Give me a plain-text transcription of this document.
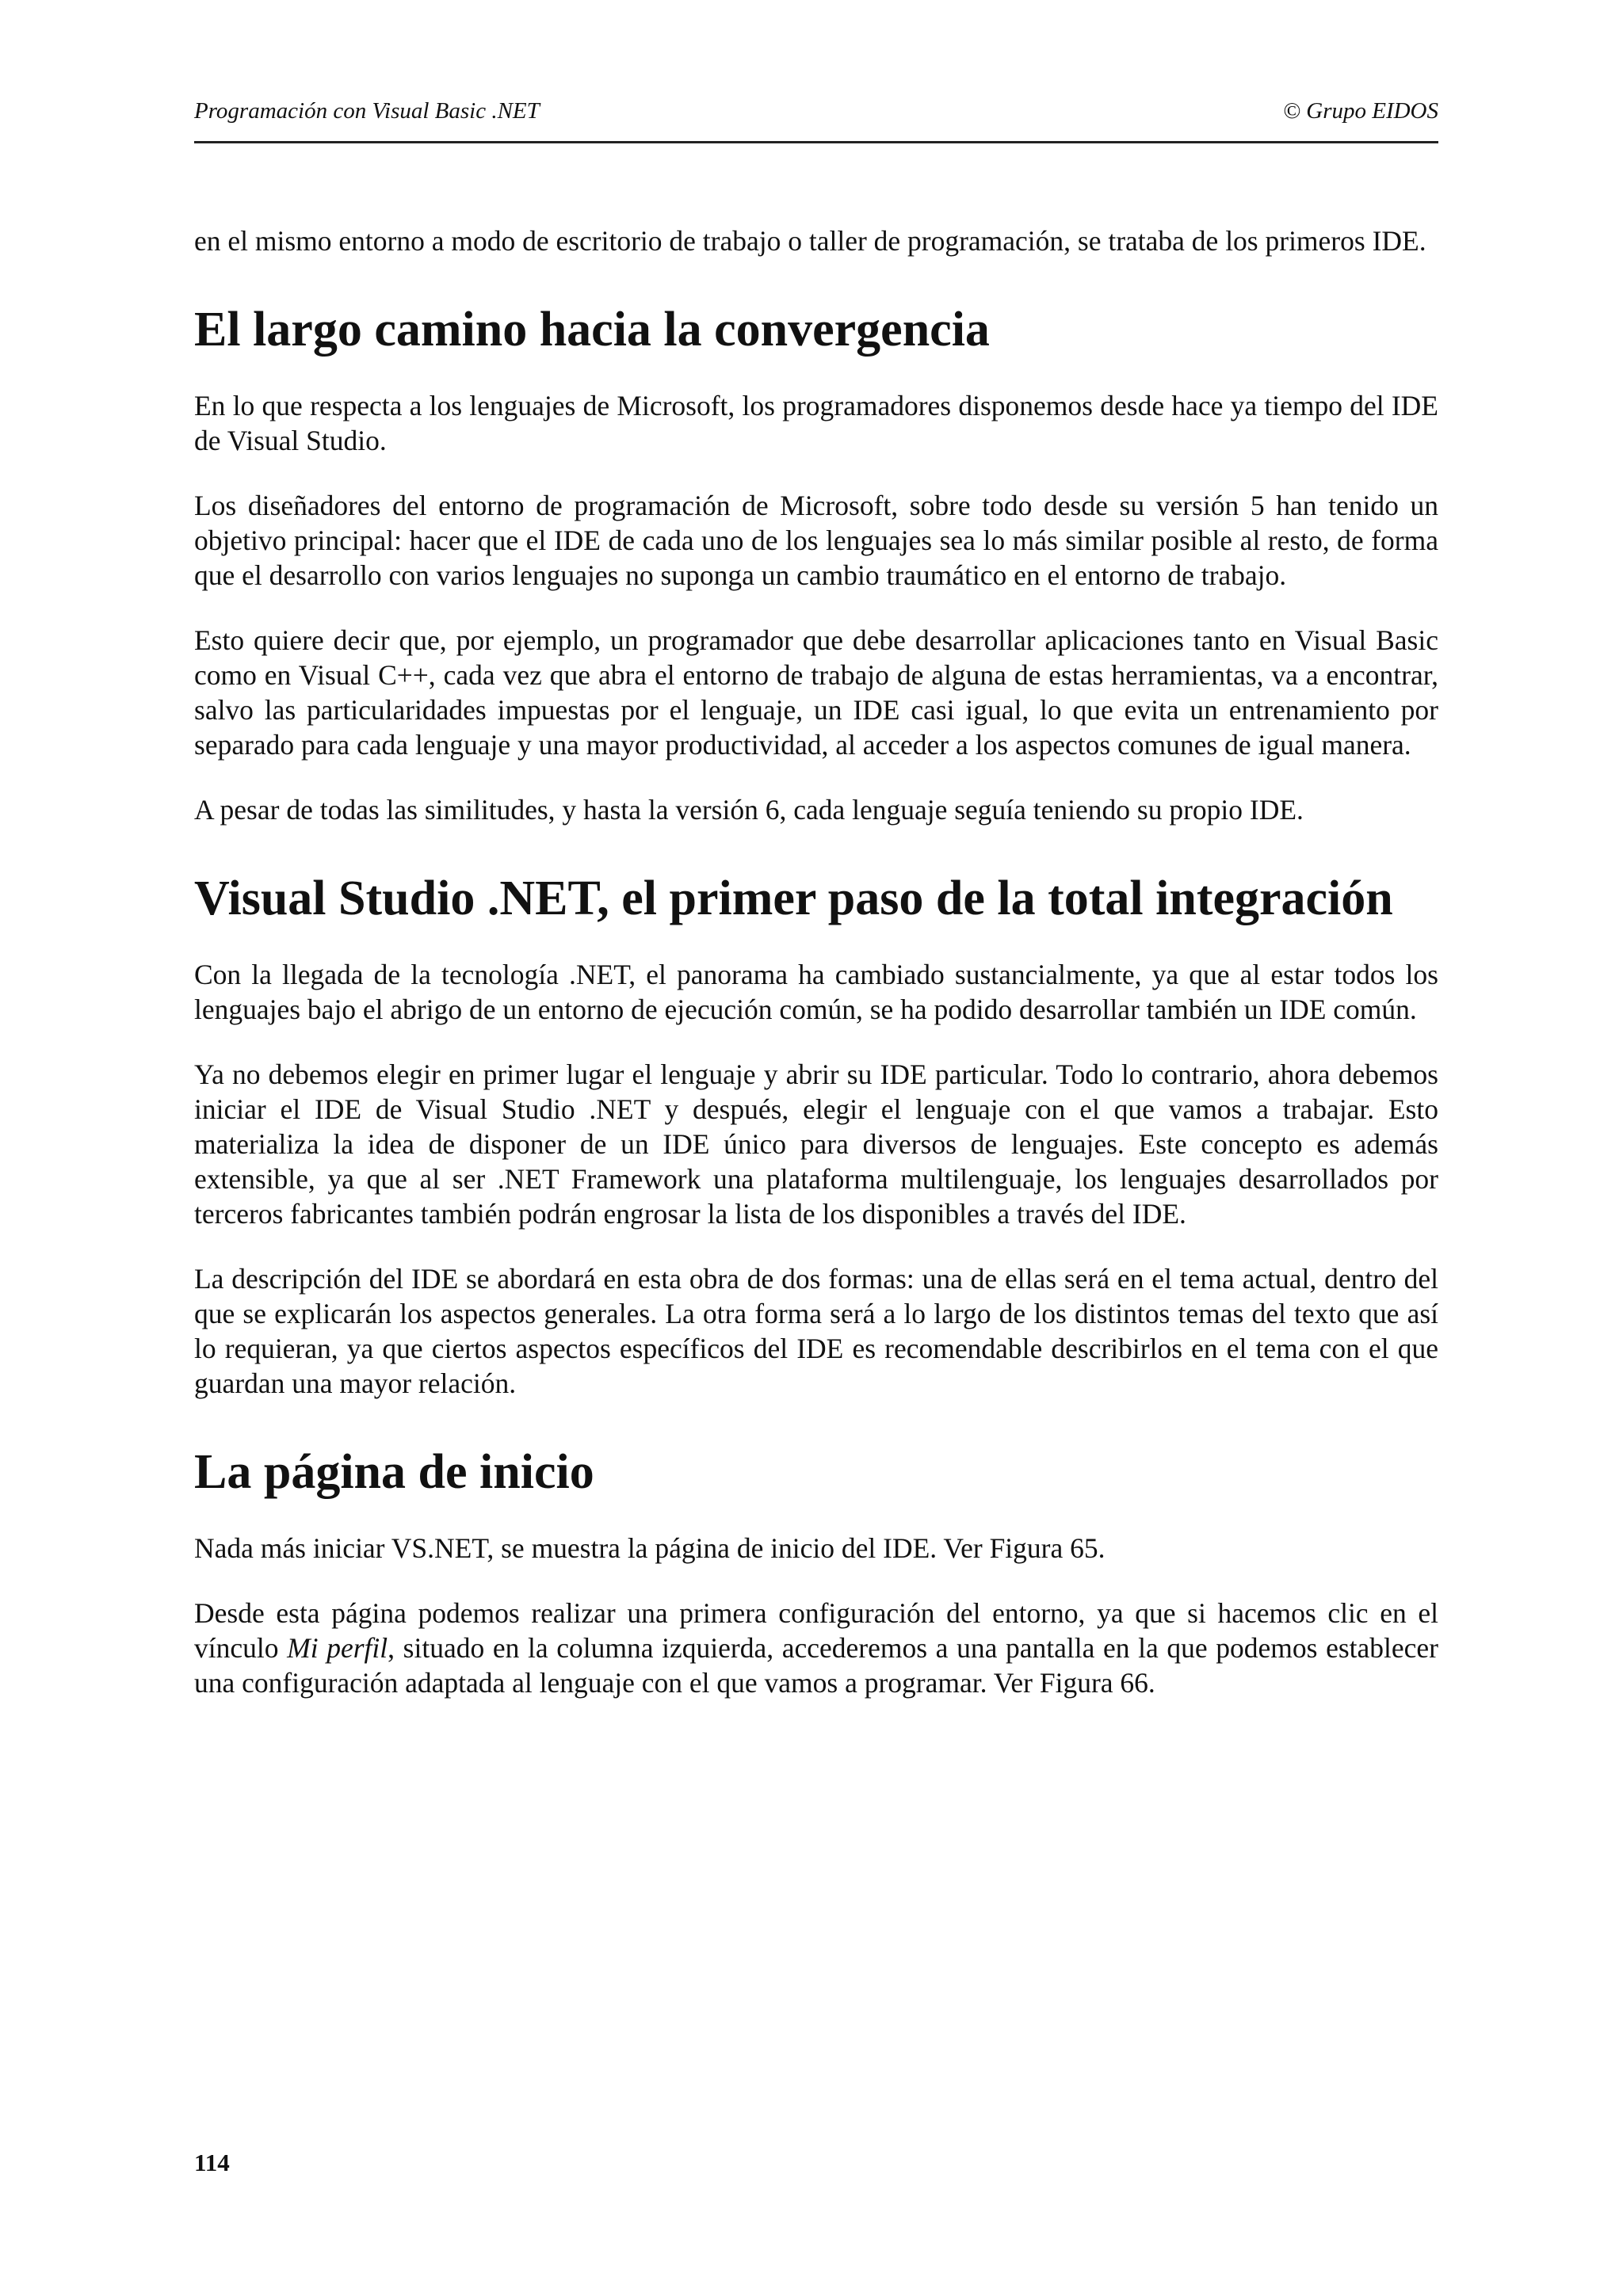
Programación con Visual Basic .NET	© Grupo EIDOS

en el mismo entorno a modo de escritorio de trabajo o taller de programación, se trataba de los primeros IDE.

El largo camino hacia la convergencia

En lo que respecta a los lenguajes de Microsoft, los programadores disponemos desde hace ya tiempo del IDE de Visual Studio.

Los diseñadores del entorno de programación de Microsoft, sobre todo desde su versión 5 han tenido un objetivo principal: hacer que el IDE de cada uno de los lenguajes sea lo más similar posible al resto, de forma que el desarrollo con varios lenguajes no suponga un cambio traumático en el entorno de trabajo.

Esto quiere decir que, por ejemplo, un programador que debe desarrollar aplicaciones tanto en Visual Basic como en Visual C++, cada vez que abra el entorno de trabajo de alguna de estas herramientas, va a encontrar, salvo las particularidades impuestas por el lenguaje, un IDE casi igual, lo que evita un entrenamiento por separado para cada lenguaje y una mayor productividad, al acceder a los aspectos comunes de igual manera.

A pesar de todas las similitudes, y hasta la versión 6, cada lenguaje seguía teniendo su propio IDE.

Visual Studio .NET, el primer paso de la total integración

Con la llegada de la tecnología .NET, el panorama ha cambiado sustancialmente, ya que al estar todos los lenguajes bajo el abrigo de un entorno de ejecución común, se ha podido desarrollar también un IDE común.

Ya no debemos elegir en primer lugar el lenguaje y abrir su IDE particular. Todo lo contrario, ahora debemos iniciar el IDE de Visual Studio .NET y después, elegir el lenguaje con el que vamos a trabajar. Esto materializa la idea de disponer de un IDE único para diversos de lenguajes. Este concepto es además extensible, ya que al ser .NET Framework una plataforma multilenguaje, los lenguajes desarrollados por terceros fabricantes también podrán engrosar la lista de los disponibles a través del IDE.

La descripción del IDE se abordará en esta obra de dos formas: una de ellas será en el tema actual, dentro del que se explicarán los aspectos generales. La otra forma será a lo largo de los distintos temas del texto que así lo requieran, ya que ciertos aspectos específicos del IDE es recomendable describirlos en el tema con el que guardan una mayor relación.

La página de inicio

Nada más iniciar VS.NET, se muestra la página de inicio del IDE. Ver Figura 65.

Desde esta página podemos realizar una primera configuración del entorno, ya que si hacemos clic en el vínculo Mi perfil, situado en la columna izquierda, accederemos a una pantalla en la que podemos establecer una configuración adaptada al lenguaje con el que vamos a programar. Ver Figura 66.

114
